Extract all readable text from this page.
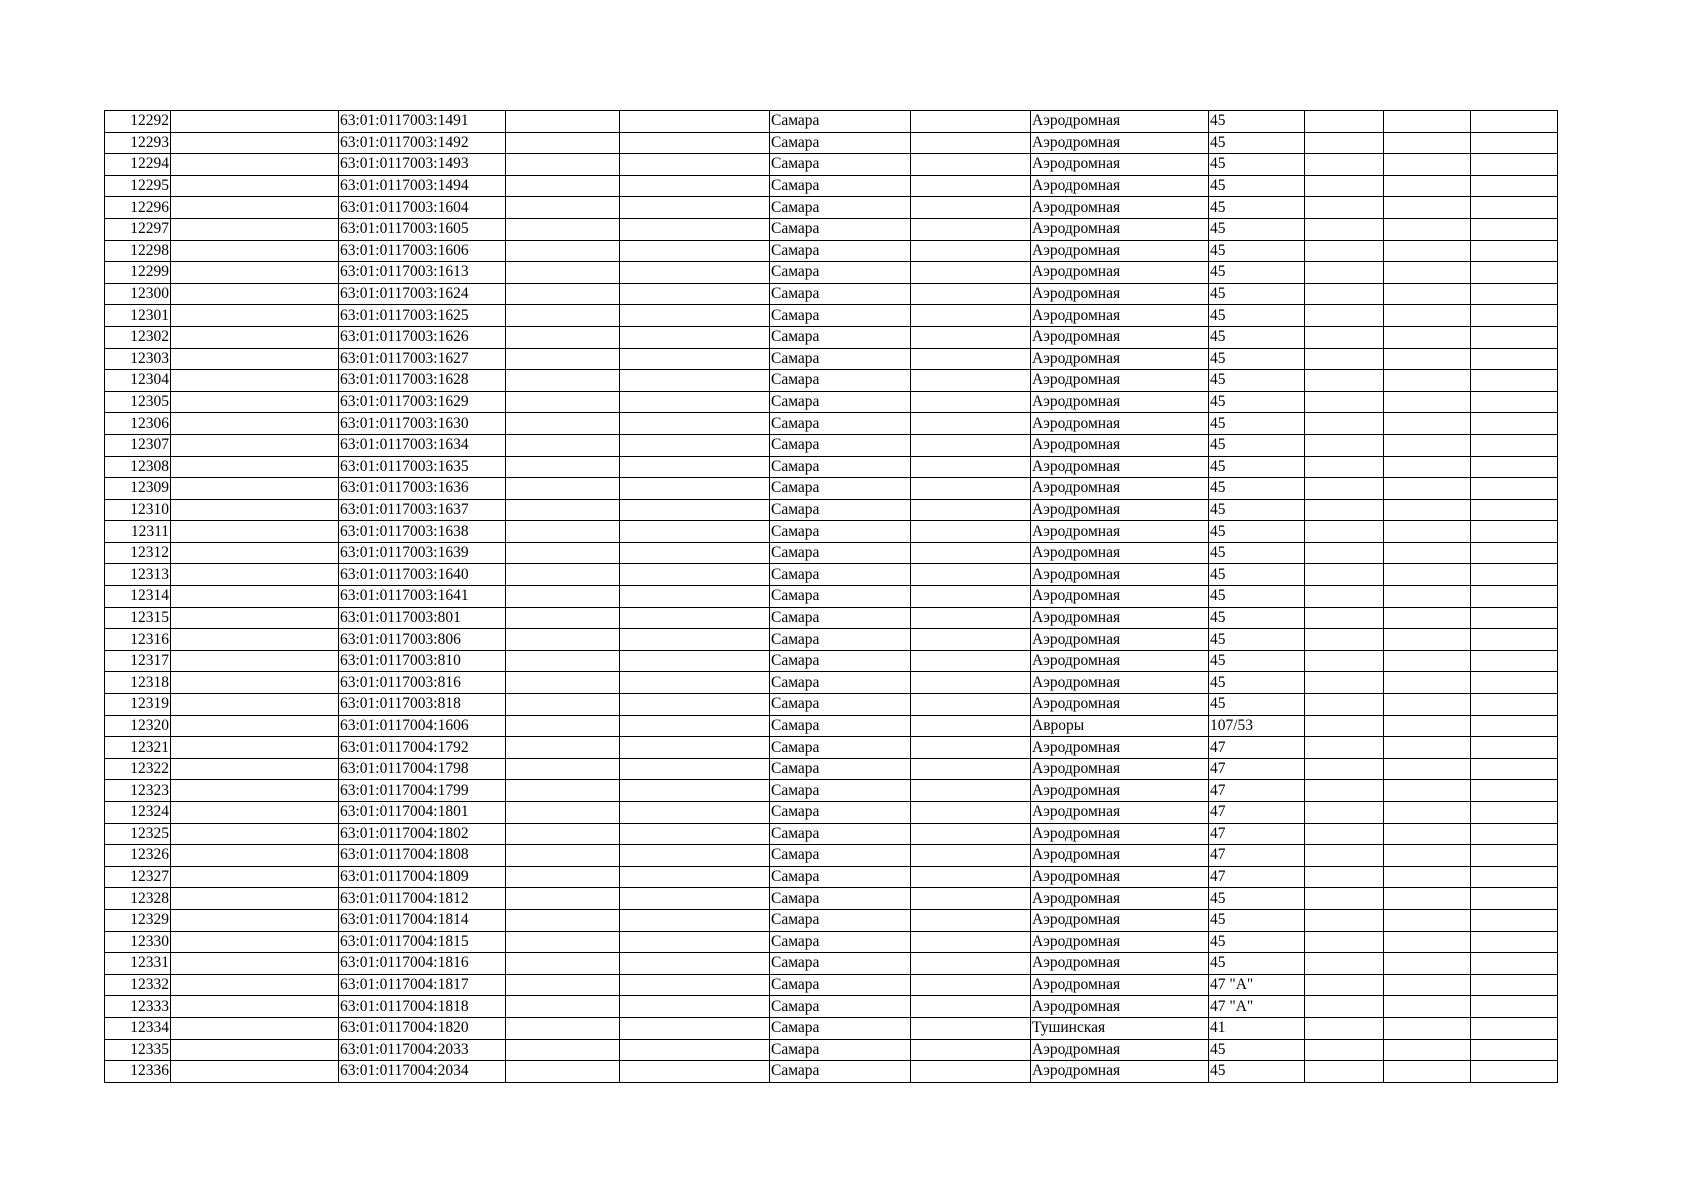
12292		63:01:0117003:1491			Самара		Аэродромная	45			
12293		63:01:0117003:1492			Самара		Аэродромная	45			
12294		63:01:0117003:1493			Самара		Аэродромная	45			
12295		63:01:0117003:1494			Самара		Аэродромная	45			
12296		63:01:0117003:1604			Самара		Аэродромная	45			
12297		63:01:0117003:1605			Самара		Аэродромная	45			
12298		63:01:0117003:1606			Самара		Аэродромная	45			
12299		63:01:0117003:1613			Самара		Аэродромная	45			
12300		63:01:0117003:1624			Самара		Аэродромная	45			
12301		63:01:0117003:1625			Самара		Аэродромная	45			
12302		63:01:0117003:1626			Самара		Аэродромная	45			
12303		63:01:0117003:1627			Самара		Аэродромная	45			
12304		63:01:0117003:1628			Самара		Аэродромная	45			
12305		63:01:0117003:1629			Самара		Аэродромная	45			
12306		63:01:0117003:1630			Самара		Аэродромная	45			
12307		63:01:0117003:1634			Самара		Аэродромная	45			
12308		63:01:0117003:1635			Самара		Аэродромная	45			
12309		63:01:0117003:1636			Самара		Аэродромная	45			
12310		63:01:0117003:1637			Самара		Аэродромная	45			
12311		63:01:0117003:1638			Самара		Аэродромная	45			
12312		63:01:0117003:1639			Самара		Аэродромная	45			
12313		63:01:0117003:1640			Самара		Аэродромная	45			
12314		63:01:0117003:1641			Самара		Аэродромная	45			
12315		63:01:0117003:801			Самара		Аэродромная	45			
12316		63:01:0117003:806			Самара		Аэродромная	45			
12317		63:01:0117003:810			Самара		Аэродромная	45			
12318		63:01:0117003:816			Самара		Аэродромная	45			
12319		63:01:0117003:818			Самара		Аэродромная	45			
12320		63:01:0117004:1606			Самара		Авроры	107/53			
12321		63:01:0117004:1792			Самара		Аэродромная	47			
12322		63:01:0117004:1798			Самара		Аэродромная	47			
12323		63:01:0117004:1799			Самара		Аэродромная	47			
12324		63:01:0117004:1801			Самара		Аэродромная	47			
12325		63:01:0117004:1802			Самара		Аэродромная	47			
12326		63:01:0117004:1808			Самара		Аэродромная	47			
12327		63:01:0117004:1809			Самара		Аэродромная	47			
12328		63:01:0117004:1812			Самара		Аэродромная	45			
12329		63:01:0117004:1814			Самара		Аэродромная	45			
12330		63:01:0117004:1815			Самара		Аэродромная	45			
12331		63:01:0117004:1816			Самара		Аэродромная	45			
12332		63:01:0117004:1817			Самара		Аэродромная	47 "А"			
12333		63:01:0117004:1818			Самара		Аэродромная	47 "А"			
12334		63:01:0117004:1820			Самара		Тушинская	41			
12335		63:01:0117004:2033			Самара		Аэродромная	45			
12336		63:01:0117004:2034			Самара		Аэродромная	45			
